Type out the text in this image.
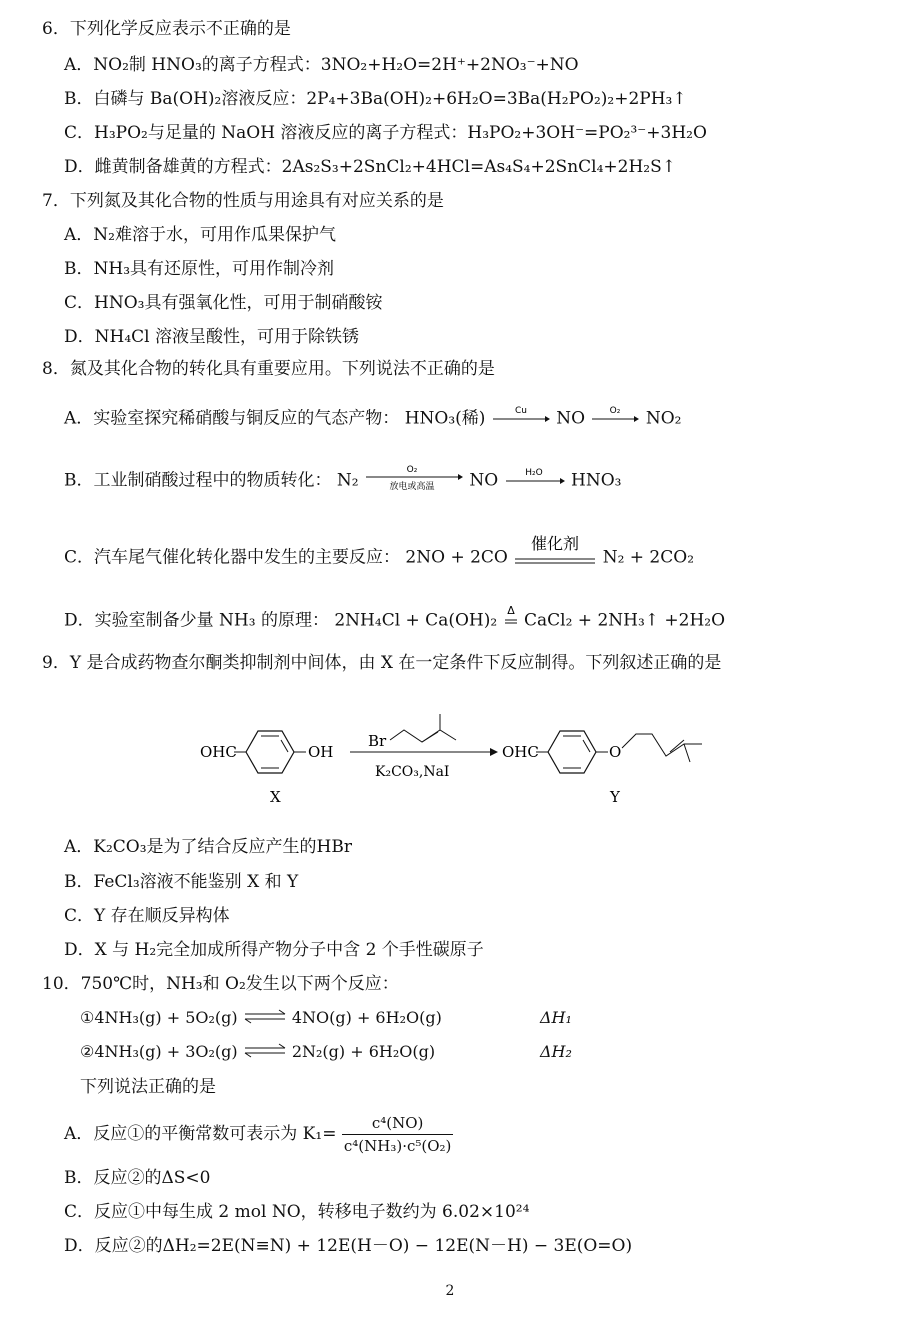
6．下列化学反应表示不正确的是
A．NO₂制 HNO₃的离子方程式：3NO₂+H₂O=2H⁺+2NO₃⁻+NO
B．白磷与 Ba(OH)₂溶液反应：2P₄+3Ba(OH)₂+6H₂O=3Ba(H₂PO₂)₂+2PH₃↑
C．H₃PO₂与足量的 NaOH 溶液反应的离子方程式：H₃PO₂+3OH⁻=PO₂³⁻+3H₂O
D．雌黄制备雄黄的方程式：2As₂S₃+2SnCl₂+4HCl=As₄S₄+2SnCl₄+2H₂S↑
7．下列氮及其化合物的性质与用途具有对应关系的是
A．N₂难溶于水，可用作瓜果保护气
B．NH₃具有还原性，可用作制冷剂
C．HNO₃具有强氧化性，可用于制硝酸铵
D．NH₄Cl 溶液呈酸性，可用于除铁锈
8．氮及其化合物的转化具有重要应用。下列说法不正确的是
A．实验室探究稀硝酸与铜反应的气态产物： HNO₃(稀)	Cu NO	O₂ NO₂
B．工业制硝酸过程中的物质转化： N₂
O₂
放电或高温 NO	H₂O HNO₃
C．汽车尾气催化转化器中发生的主要反应： 2NO + 2CO
催化剂
N₂ + 2CO₂
D．实验室制备少量 NH₃ 的原理： 2NH₄Cl + Ca(OH)₂ Δ CaCl₂ + 2NH₃↑ +2H₂O
9．Y 是合成药物查尔酮类抑制剂中间体，由 X 在一定条件下反应制得。下列叙述正确的是
OHC	OH
X
Br
K₂CO₃,NaI
OHC	O
Y
A．K₂CO₃是为了结合反应产生的HBr
B．FeCl₃溶液不能鉴别 X 和 Y
C．Y 存在顺反异构体
D．X 与 H₂完全加成所得产物分子中含 2 个手性碳原子
10．750℃时，NH₃和 O₂发生以下两个反应：
①4NH₃(g) + 5O₂(g)	4NO(g) + 6H₂O(g)	ΔH₁
②4NH₃(g) + 3O₂(g)	2N₂(g) + 6H₂O(g)	ΔH₂
下列说法正确的是
A．反应①的平衡常数可表示为 $K_1= \frac{\text{c⁴(NO)}}{\text{c⁴(NH₃)·c⁵(O₂)}}$
B．反应②的ΔS<0
C．反应①中每生成 2 mol NO，转移电子数约为 6.02×10²⁴
D．反应②的ΔH₂=2E(N≡N) + 12E(H－O) − 12E(N－H) − 3E(O=O)
2
